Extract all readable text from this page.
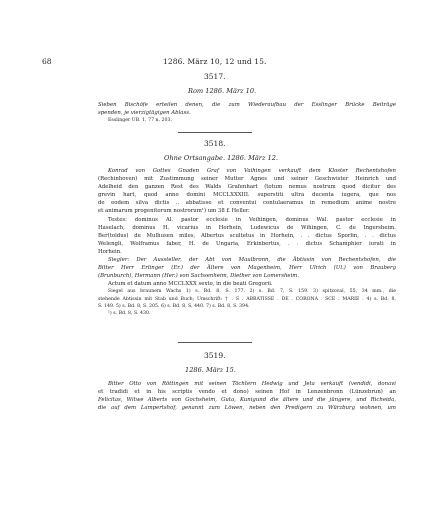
68	1286. März 10, 12 und 15.
3517.
Rom 1286. März 10.
Sieben Bischöfe erteilen denen, die zum Wiederaufbau der Esslinger Brücke Beiträge
spenden, je vierzigtägigen Ablass.
Esslinger UB. 1, 77 n. 203.
3518.
Ohne Ortsangabe. 1286. März 12.
Konrad von Gottes Gnaden Graf von Vaihingen verkauft dem Kloster Rechentshofen
(Rechinhoven) mit Zustimmung seiner Mutter Agnes und seiner Geschwister Heinrich und
Adelheid den ganzen Rest des Walds Grafenhart (totum nemus nostrum quod dicitur des
grevin hart, quod anno domini MCCLXXXIII. superstiti ultra ducenta iugera, que nos
de eodem silva dictis .. abbatisse et conventui contulaeramus in remedium anime nostre
et animarum progenitorum nostrorum¹) um 38 £ Heller.
Testes: dominus Al. pastor ecclesie in Veihingen, dominus Wal. pastor ecclesie in
Haselach, dominus H. vicarius in Horhein, Ludewicus de Wihingen, C. de Ingersheim.
Ber(toldus) de Mulhusen miles, Albertus scultetus in Horhein, . . dictus Sporlin, . . dictus
Welengli, Wolframus faber, H. de Ungaria, Erkinbertus, . . dictus Schamphier iurati in
Horhein.
Siegler: Der Aussteller, der Abt von Maulbronn, die Äbtissin von Rechentshofen, die
Bitter Herr Erlinger (Er.) der Ältere von Magenheim, Herr Ulrich (Ul.) von Brauberg
(Brunburch), Hermann (Her.) von Sachsenheim, Diether von Lomersheim.
Actum et datum anno MCCLXXX sexto, in die beati Gregorii.
Siegel aus braunem Wachs 1) s. Bd. 8, S. 177. 2) s. Bd. 7, S. 159. 3) spitzoval, 55, 34 mm., die
stehende Äbtissin mit Stab und Buch; Umschrift: † . S . ABBATISSE . DE . CORONA . SCE . MARIE . 4) s. Bd. 8,
S. 149. 5) s. Bd. 8, S. 205. 6) s. Bd. 8, S. 440. 7) s. Bd. 8, S. 394.
¹) s. Bd. 8, S. 430.
3519.
1286. März 15.
Bitter Otto von Röttingen mit seinen Töchtern Hedwig und Jeta verkauft (vendidi, donavi
et tradidi et in his scriptis vendo et dono) seinen Hof in Lenzenbronn (Lünzebrun) an
Felicitas, Witwe Alberts von Gochsheim, Guta, Kunigund die ältere und die jüngere, und Richeida,
die auf dem Lampertshof, genannt zum Löwen, neben den Predigern zu Würzburg wohnen, um
